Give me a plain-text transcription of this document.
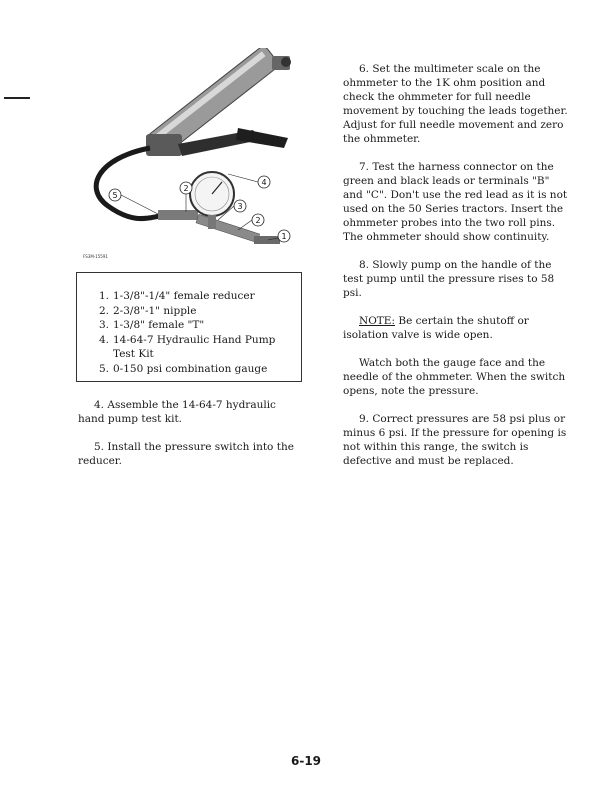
5
2
4
3
2
1
FS3M-15591
1. 1-3/8"-1/4" female reducer
2. 2-3/8"-1" nipple
3. 1-3/8" female "T"
4. 14-64-7 Hydraulic Hand Pump Test Kit
5. 0-150 psi combination gauge

4. Assemble the 14-64-7 hydraulic hand pump test kit.

5. Install the pressure switch into the reducer.

6. Set the multimeter scale on the ohmmeter to the 1K ohm position and check the ohmmeter for full needle movement by touching the leads together. Adjust for full needle movement and zero the ohmmeter.

7. Test the harness connector on the green and black leads or terminals "B" and "C". Don't use the red lead as it is not used on the 50 Series tractors. Insert the ohmmeter probes into the two roll pins. The ohmmeter should show continuity.

8. Slowly pump on the handle of the test pump until the pressure rises to 58 psi.

NOTE: Be certain the shutoff or isolation valve is wide open.

Watch both the gauge face and the needle of the ohmmeter. When the switch opens, note the pressure.

9. Correct pressures are 58 psi plus or minus 6 psi. If the pressure for opening is not within this range, the switch is defective and must be replaced.

6-19
